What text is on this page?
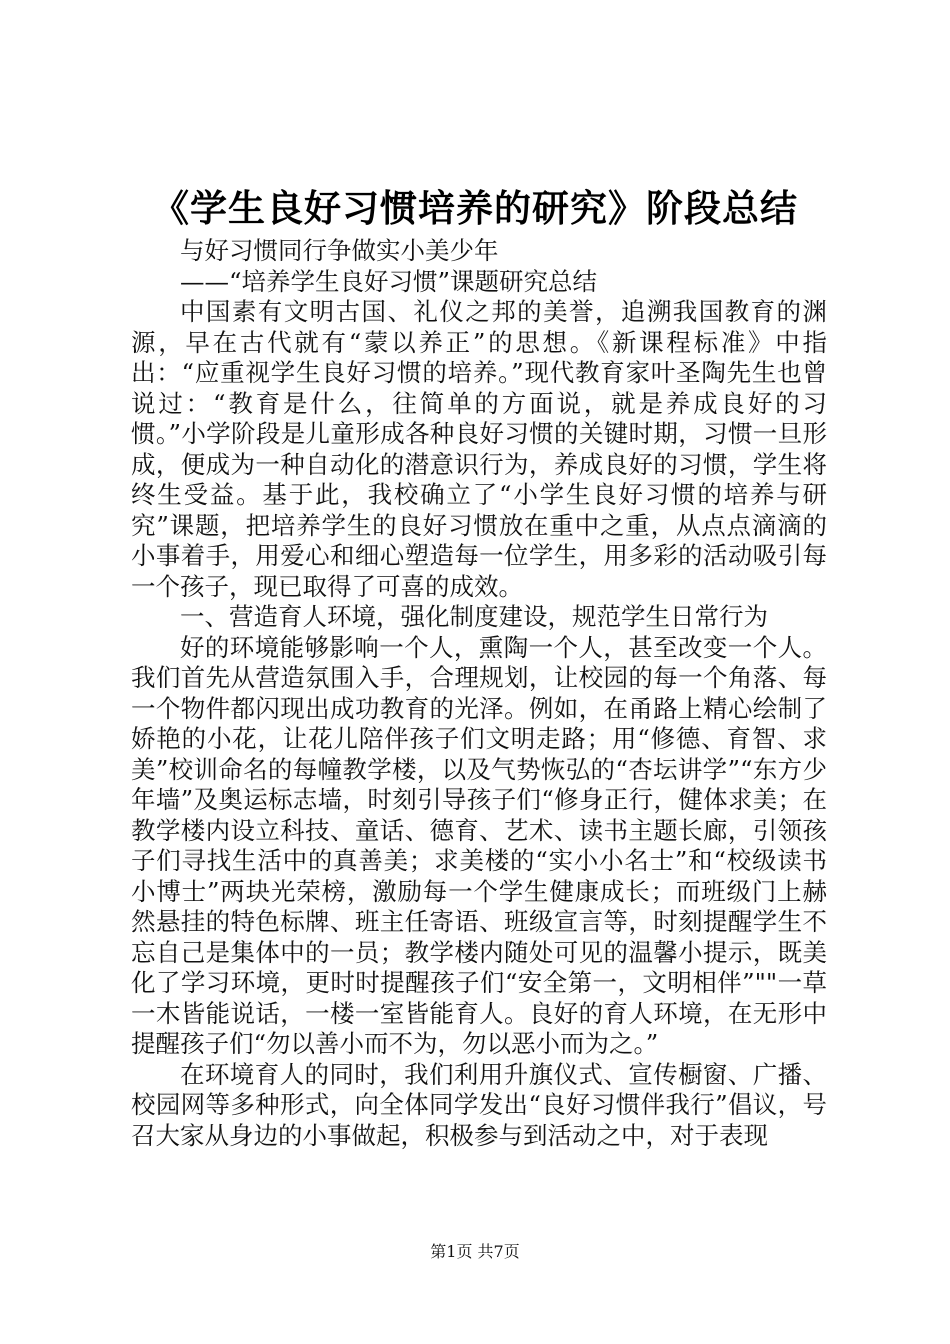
《学生良好习惯培养的研究》阶段总结

与好习惯同行争做实小美少年

——“培养学生良好习惯”课题研究总结

中国素有文明古国、礼仪之邦的美誉，追溯我国教育的渊源，早在古代就有“蒙以养正”的思想。《新课程标准》中指出：“应重视学生良好习惯的培养。”现代教育家叶圣陶先生也曾说过：“教育是什么，往简单的方面说，就是养成良好的习惯。”小学阶段是儿童形成各种良好习惯的关键时期，习惯一旦形成，便成为一种自动化的潜意识行为，养成良好的习惯，学生将终生受益。基于此，我校确立了“小学生良好习惯的培养与研究”课题，把培养学生的良好习惯放在重中之重，从点点滴滴的小事着手，用爱心和细心塑造每一位学生，用多彩的活动吸引每一个孩子，现已取得了可喜的成效。

一、营造育人环境，强化制度建设，规范学生日常行为

好的环境能够影响一个人，熏陶一个人，甚至改变一个人。我们首先从营造氛围入手，合理规划，让校园的每一个角落、每一个物件都闪现出成功教育的光泽。例如，在甬路上精心绘制了娇艳的小花，让花儿陪伴孩子们文明走路；用“修德、育智、求美”校训命名的每幢教学楼，以及气势恢弘的“杏坛讲学”“东方少年墙”及奥运标志墙，时刻引导孩子们“修身正行，健体求美；在教学楼内设立科技、童话、德育、艺术、读书主题长廊，引领孩子们寻找生活中的真善美；求美楼的“实小小名士”和“校级读书小博士”两块光荣榜，激励每一个学生健康成长；而班级门上赫然悬挂的特色标牌、班主任寄语、班级宣言等，时刻提醒学生不忘自己是集体中的一员；教学楼内随处可见的温馨小提示，既美化了学习环境，更时时提醒孩子们“安全第一，文明相伴”""一草一木皆能说话，一楼一室皆能育人。良好的育人环境，在无形中提醒孩子们“勿以善小而不为，勿以恶小而为之。”

在环境育人的同时，我们利用升旗仪式、宣传橱窗、广播、校园网等多种形式，向全体同学发出“良好习惯伴我行”倡议，号召大家从身边的小事做起，积极参与到活动之中，对于表现

第1页 共7页
